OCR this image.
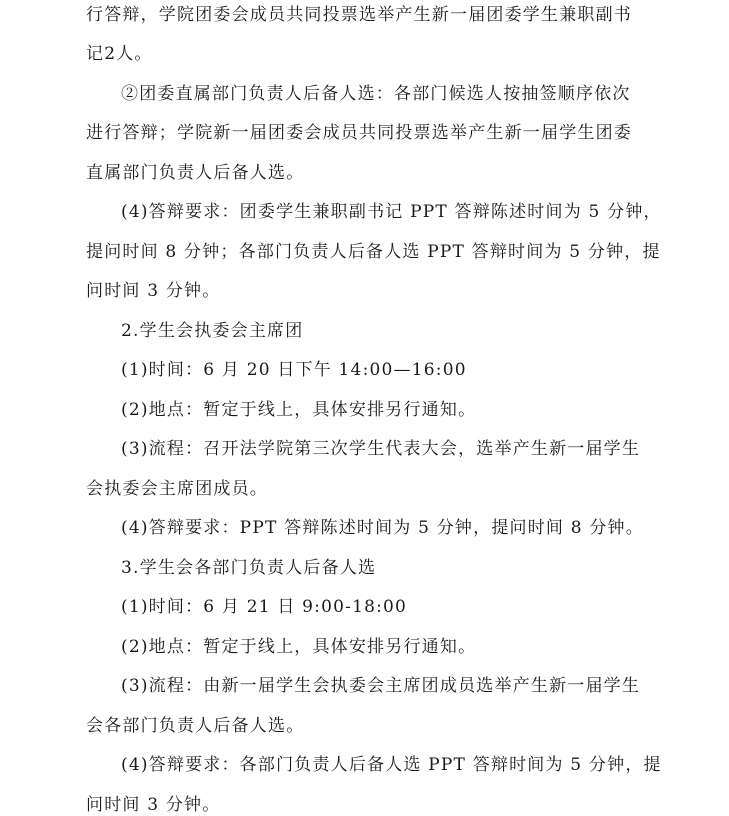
行答辩，学院团委会成员共同投票选举产生新一届团委学生兼职副书
记2人。
②团委直属部门负责人后备人选：各部门候选人按抽签顺序依次
进行答辩；学院新一届团委会成员共同投票选举产生新一届学生团委
直属部门负责人后备人选。
(4)答辩要求：团委学生兼职副书记 PPT 答辩陈述时间为 5 分钟，
提问时间 8 分钟；各部门负责人后备人选 PPT 答辩时间为 5 分钟，提
问时间 3 分钟。
2.学生会执委会主席团
(1)时间：6 月 20 日下午 14:00—16:00
(2)地点：暂定于线上，具体安排另行通知。
(3)流程：召开法学院第三次学生代表大会，选举产生新一届学生
会执委会主席团成员。
(4)答辩要求：PPT 答辩陈述时间为 5 分钟，提问时间 8 分钟。
3.学生会各部门负责人后备人选
(1)时间：6 月 21 日 9:00-18:00
(2)地点：暂定于线上，具体安排另行通知。
(3)流程：由新一届学生会执委会主席团成员选举产生新一届学生
会各部门负责人后备人选。
(4)答辩要求：各部门负责人后备人选 PPT 答辩时间为 5 分钟，提
问时间 3 分钟。
